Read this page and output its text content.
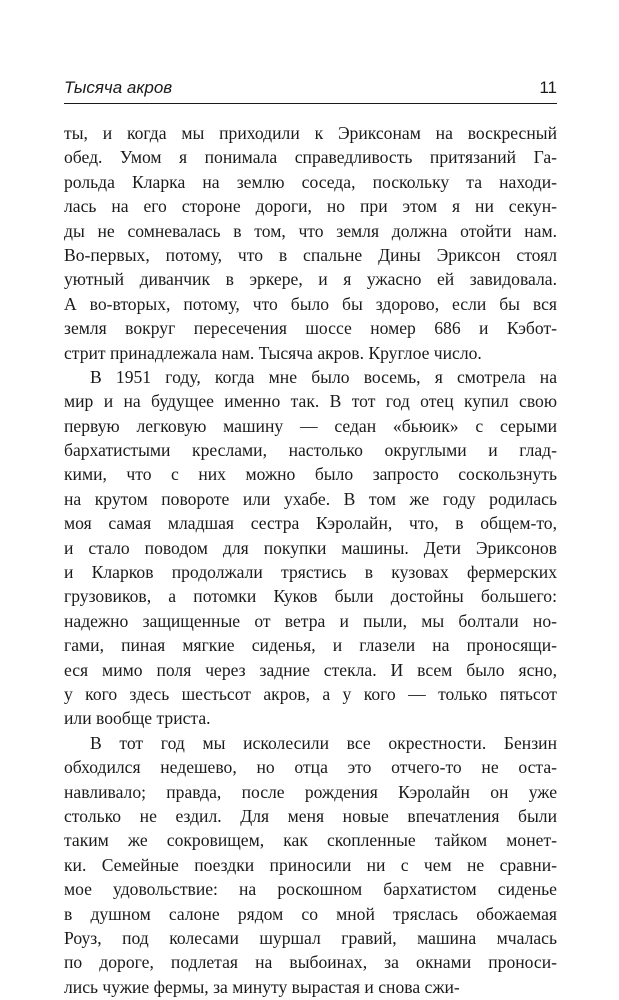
Тысяча акров	11
ты, и когда мы приходили к Эриксонам на воскресный
обед. Умом я понимала справедливость притязаний Га-
рольда Кларка на землю соседа, поскольку та находи-
лась на его стороне дороги, но при этом я ни секун-
ды не сомневалась в том, что земля должна отойти нам.
Во-первых, потому, что в спальне Дины Эриксон стоял
уютный диванчик в эркере, и я ужасно ей завидовала.
А во-вторых, потому, что было бы здорово, если бы вся
земля вокруг пересечения шоссе номер 686 и Кэбот-
стрит принадлежала нам. Тысяча акров. Круглое число.
В 1951 году, когда мне было восемь, я смотрела на
мир и на будущее именно так. В тот год отец купил свою
первую легковую машину — седан «бьюик» с серыми
бархатистыми креслами, настолько округлыми и глад-
кими, что с них можно было запросто соскользнуть
на крутом повороте или ухабе. В том же году родилась
моя самая младшая сестра Кэролайн, что, в общем-то,
и стало поводом для покупки машины. Дети Эриксонов
и Кларков продолжали трястись в кузовах фермерских
грузовиков, а потомки Куков были достойны большего:
надежно защищенные от ветра и пыли, мы болтали но-
гами, пиная мягкие сиденья, и глазели на проносящи-
еся мимо поля через задние стекла. И всем было ясно,
у кого здесь шестьсот акров, а у кого — только пятьсот
или вообще триста.
В тот год мы исколесили все окрестности. Бензин
обходился недешево, но отца это отчего-то не оста-
навливало; правда, после рождения Кэролайн он уже
столько не ездил. Для меня новые впечатления были
таким же сокровищем, как скопленные тайком монет-
ки. Семейные поездки приносили ни с чем не сравни-
мое удовольствие: на роскошном бархатистом сиденье
в душном салоне рядом со мной тряслась обожаемая
Роуз, под колесами шуршал гравий, машина мчалась
по дороге, подлетая на выбоинах, за окнами проноси-
лись чужие фермы, за минуту вырастая и снова сжи-
